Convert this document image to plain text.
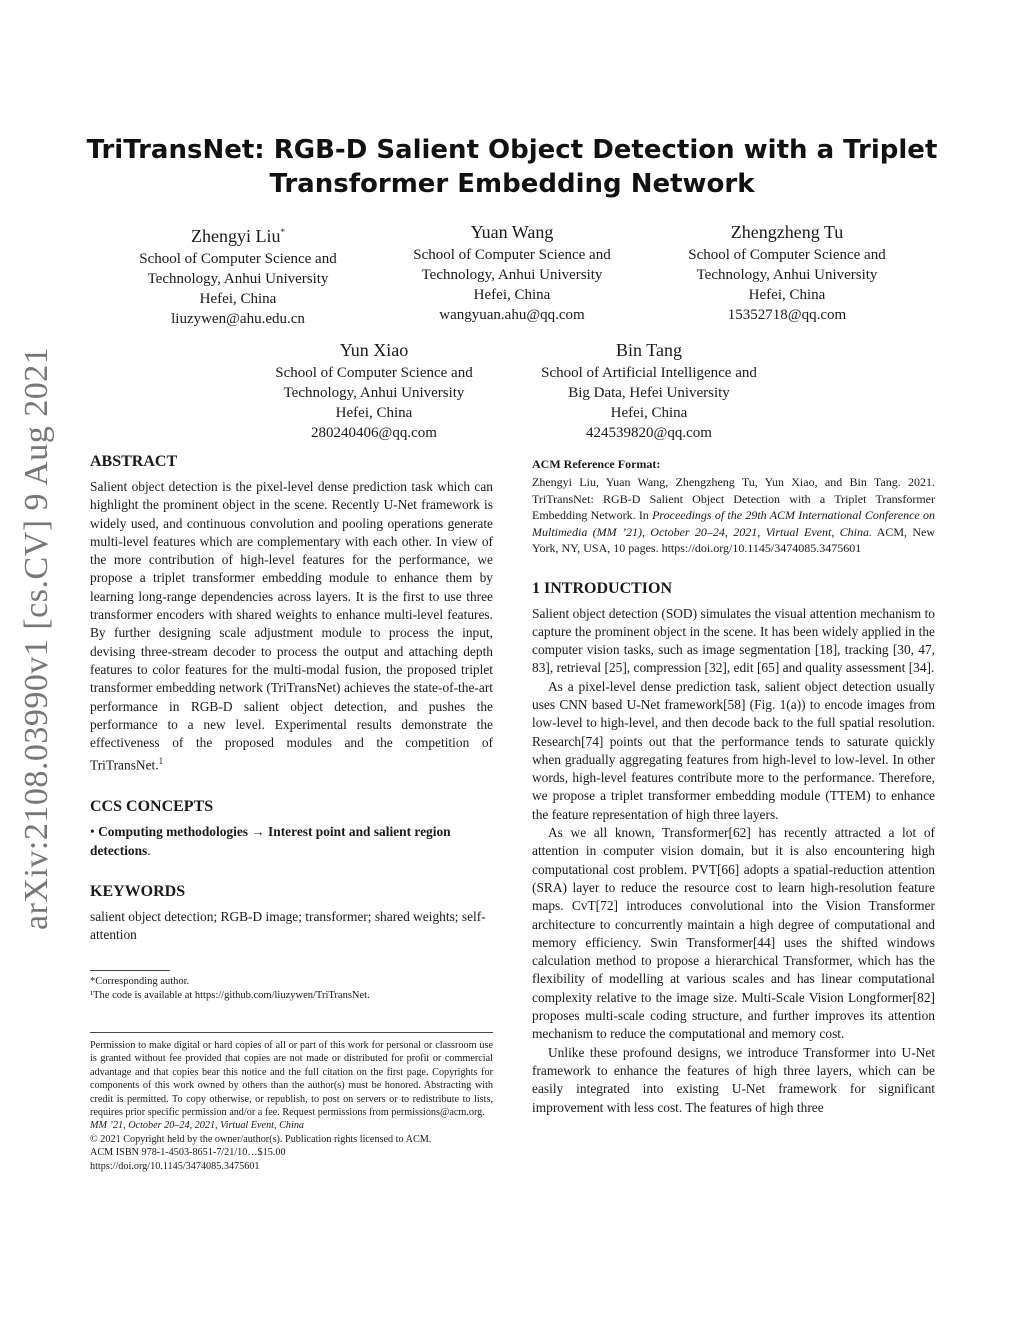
TriTransNet: RGB-D Salient Object Detection with a Triplet
Transformer Embedding Network
Zhengyi Liu*
School of Computer Science and
Technology, Anhui University
Hefei, China
liuzywen@ahu.edu.cn
Yuan Wang
School of Computer Science and
Technology, Anhui University
Hefei, China
wangyuan.ahu@qq.com
Zhengzheng Tu
School of Computer Science and
Technology, Anhui University
Hefei, China
15352718@qq.com
Yun Xiao
School of Computer Science and
Technology, Anhui University
Hefei, China
280240406@qq.com
Bin Tang
School of Artificial Intelligence and
Big Data, Hefei University
Hefei, China
424539820@qq.com
arXiv:2108.03990v1 [cs.CV] 9 Aug 2021 ABSTRACT

Salient object detection is the pixel-level dense prediction task which can highlight the prominent object in the scene. Recently U-Net framework is widely used, and continuous convolution and pooling operations generate multi-level features which are complementary with each other. In view of the more contribution of high-level features for the performance, we propose a triplet transformer embedding module to enhance them by learning long-range dependencies across layers. It is the first to use three transformer encoders with shared weights to enhance multi-level features. By further designing scale adjustment module to process the input, devising three-stream decoder to process the output and attaching depth features to color features for the multi-modal fusion, the proposed triplet transformer embedding network (TriTransNet) achieves the state-of-the-art performance in RGB-D salient object detection, and pushes the performance to a new level. Experimental results demonstrate the effectiveness of the proposed modules and the competition of TriTransNet.$^1$

CCS CONCEPTS

• Computing methodologies → Interest point and salient region detections.

KEYWORDS

salient object detection; RGB-D image; transformer; shared weights; self-attention

*Corresponding author.
¹The code is available at https://github.com/liuzywen/TriTransNet.
Permission to make digital or hard copies of all or part of this work for personal or classroom use is granted without fee provided that copies are not made or distributed for profit or commercial advantage and that copies bear this notice and the full citation on the first page. Copyrights for components of this work owned by others than the author(s) must be honored. Abstracting with credit is permitted. To copy otherwise, or republish, to post on servers or to redistribute to lists, requires prior specific permission and/or a fee. Request permissions from permissions@acm.org.
MM ’21, October 20–24, 2021, Virtual Event, China
© 2021 Copyright held by the owner/author(s). Publication rights licensed to ACM.
ACM ISBN 978-1-4503-8651-7/21/10…$15.00
https://doi.org/10.1145/3474085.3475601
ACM Reference Format:

Zhengyi Liu, Yuan Wang, Zhengzheng Tu, Yun Xiao, and Bin Tang. 2021. TriTransNet: RGB-D Salient Object Detection with a Triplet Transformer Embedding Network. In Proceedings of the 29th ACM International Conference on Multimedia (MM ’21), October 20–24, 2021, Virtual Event, China. ACM, New York, NY, USA, 10 pages. https://doi.org/10.1145/3474085.3475601

1 INTRODUCTION

Salient object detection (SOD) simulates the visual attention mechanism to capture the prominent object in the scene. It has been widely applied in the computer vision tasks, such as image segmentation [18], tracking [30, 47, 83], retrieval [25], compression [32], edit [65] and quality assessment [34].

As a pixel-level dense prediction task, salient object detection usually uses CNN based U-Net framework[58] (Fig. 1(a)) to encode images from low-level to high-level, and then decode back to the full spatial resolution. Research[74] points out that the performance tends to saturate quickly when gradually aggregating features from high-level to low-level. In other words, high-level features contribute more to the performance. Therefore, we propose a triplet transformer embedding module (TTEM) to enhance the feature representation of high three layers.

As we all known, Transformer[62] has recently attracted a lot of attention in computer vision domain, but it is also encountering high computational cost problem. PVT[66] adopts a spatial-reduction attention (SRA) layer to reduce the resource cost to learn high-resolution feature maps. CvT[72] introduces convolutional into the Vision Transformer architecture to concurrently maintain a high degree of computational and memory efficiency. Swin Transformer[44] uses the shifted windows calculation method to propose a hierarchical Transformer, which has the flexibility of modelling at various scales and has linear computational complexity relative to the image size. Multi-Scale Vision Longformer[82] proposes multi-scale coding structure, and further improves its attention mechanism to reduce the computational and memory cost.

Unlike these profound designs, we introduce Transformer into U-Net framework to enhance the features of high three layers, which can be easily integrated into existing U-Net framework for significant improvement with less cost. The features of high three
